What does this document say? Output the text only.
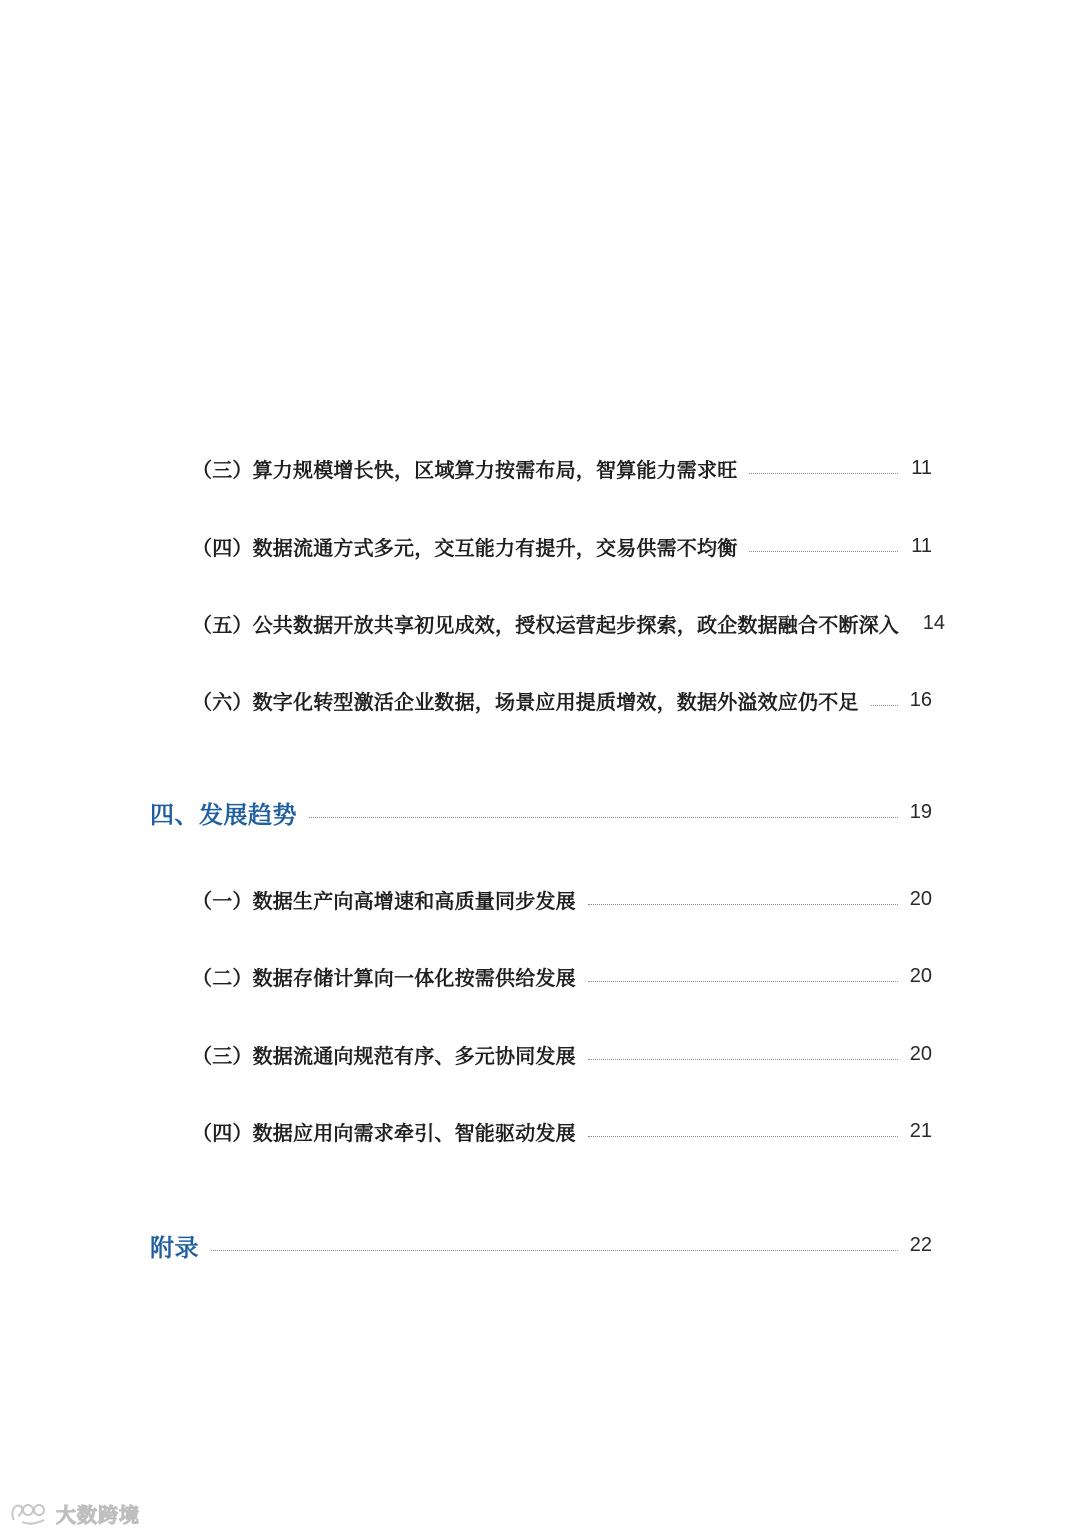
（三）算力规模增长快，区域算力按需布局，智算能力需求旺	11
（四）数据流通方式多元，交互能力有提升，交易供需不均衡	11
（五）公共数据开放共享初见成效，授权运营起步探索，政企数据融合不断深入 14
（六）数字化转型激活企业数据，场景应用提质增效，数据外溢效应仍不足	16
四、发展趋势	19
（一）数据生产向高增速和高质量同步发展	20
（二）数据存储计算向一体化按需供给发展	20
（三）数据流通向规范有序、多元协同发展	20
（四）数据应用向需求牵引、智能驱动发展	21
附录	22
大数跨境
